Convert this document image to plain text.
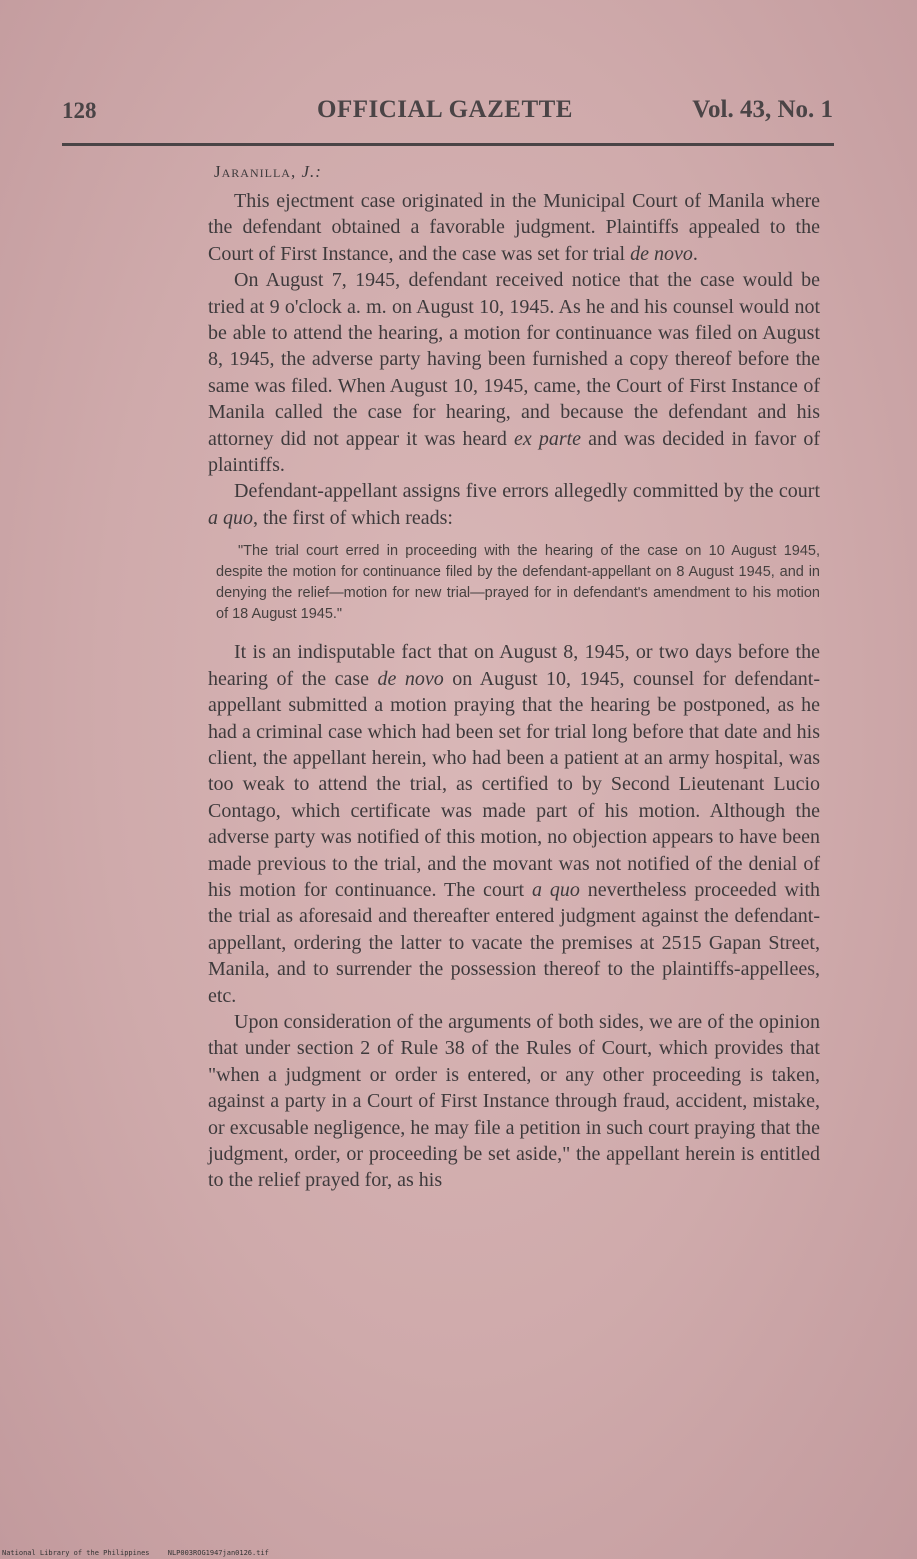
128	OFFICIAL GAZETTE	Vol. 43, No. 1
Jaranilla, J.:

This ejectment case originated in the Municipal Court of Manila where the defendant obtained a favorable judgment. Plaintiffs appealed to the Court of First Instance, and the case was set for trial de novo.

On August 7, 1945, defendant received notice that the case would be tried at 9 o'clock a. m. on August 10, 1945. As he and his counsel would not be able to attend the hearing, a motion for continuance was filed on August 8, 1945, the adverse party having been furnished a copy thereof before the same was filed. When August 10, 1945, came, the Court of First Instance of Manila called the case for hearing, and because the defendant and his attorney did not appear it was heard ex parte and was decided in favor of plaintiffs.

Defendant-appellant assigns five errors allegedly committed by the court a quo, the first of which reads:

"The trial court erred in proceeding with the hearing of the case on 10 August 1945, despite the motion for continuance filed by the defendant-appellant on 8 August 1945, and in denying the relief—motion for new trial—prayed for in defendant's amendment to his motion of 18 August 1945."

It is an indisputable fact that on August 8, 1945, or two days before the hearing of the case de novo on August 10, 1945, counsel for defendant-appellant submitted a motion praying that the hearing be postponed, as he had a criminal case which had been set for trial long before that date and his client, the appellant herein, who had been a patient at an army hospital, was too weak to attend the trial, as certified to by Second Lieutenant Lucio Contago, which certificate was made part of his motion. Although the adverse party was notified of this motion, no objection appears to have been made previous to the trial, and the movant was not notified of the denial of his motion for continuance. The court a quo nevertheless proceeded with the trial as aforesaid and thereafter entered judgment against the defendant-appellant, ordering the latter to vacate the premises at 2515 Gapan Street, Manila, and to surrender the possession thereof to the plaintiffs-appellees, etc.

Upon consideration of the arguments of both sides, we are of the opinion that under section 2 of Rule 38 of the Rules of Court, which provides that "when a judgment or order is entered, or any other proceeding is taken, against a party in a Court of First Instance through fraud, accident, mistake, or excusable negligence, he may file a petition in such court praying that the judgment, order, or proceeding be set aside," the appellant herein is entitled to the relief prayed for, as his

National Library of the Philippines	NLP003ROG1947jan0126.tif
